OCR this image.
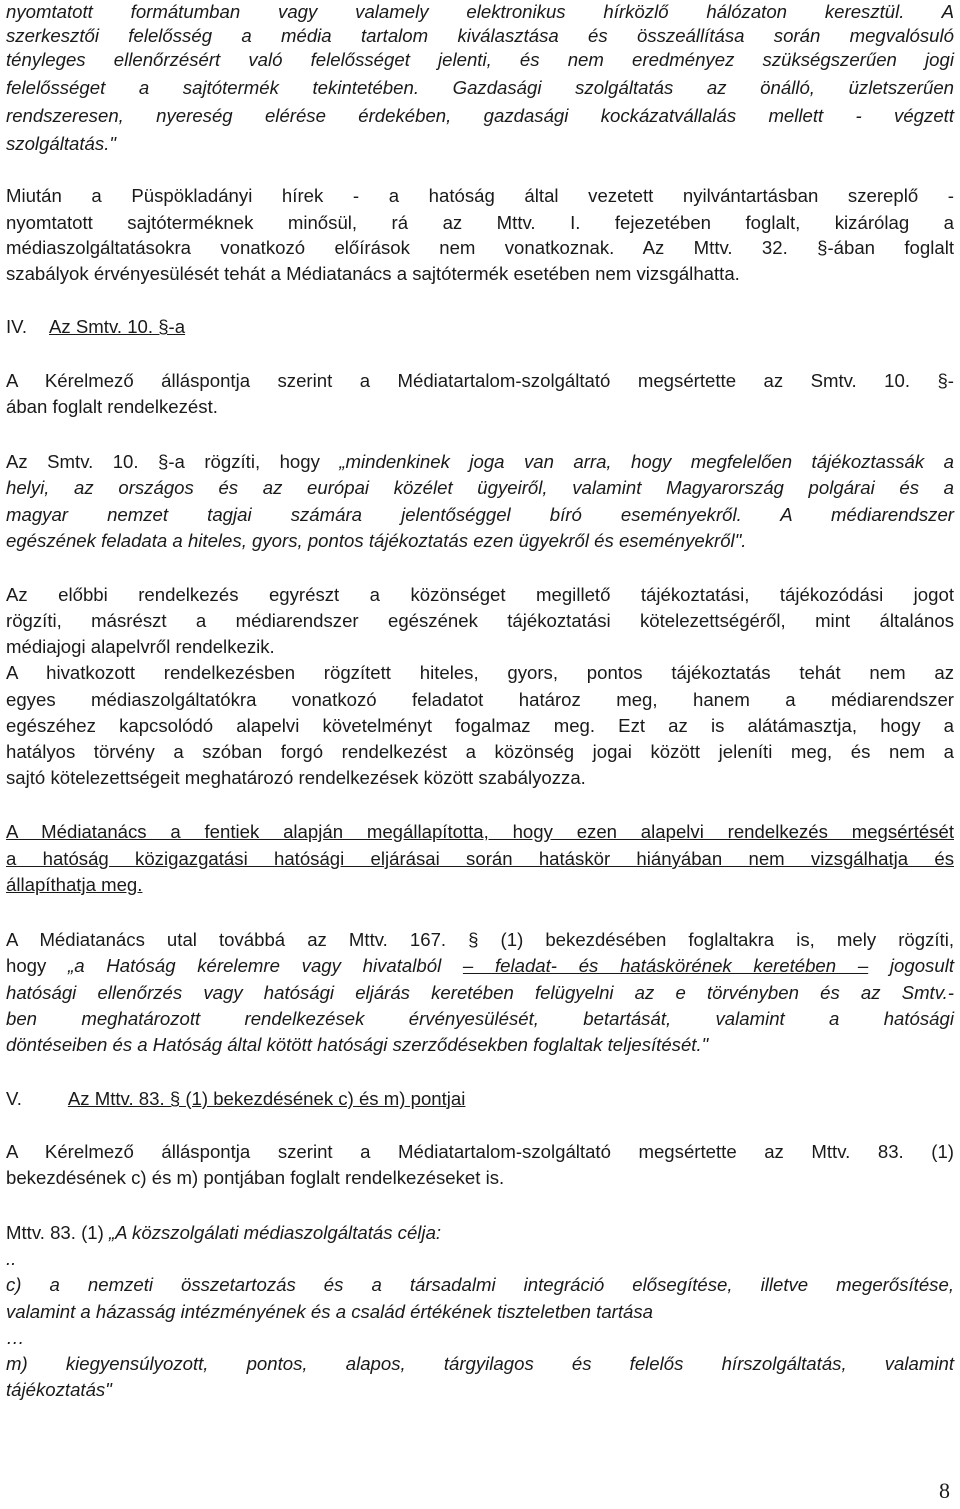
nyomtatott formátumban vagy valamely elektronikus hírközlő hálózaton keresztül. A
szerkesztői felelősség a média tartalom kiválasztása és összeállítása során megvalósuló
tényleges ellenőrzésért való felelősséget jelenti, és nem eredményez szükségszerűen jogi
felelősséget a sajtótermék tekintetében. Gazdasági szolgáltatás az önálló, üzletszerűen
rendszeresen, nyereség elérése érdekében, gazdasági kockázatvállalás mellett - végzett
szolgáltatás."
Miután a Püspökladányi hírek - a hatóság által vezetett nyilvántartásban szereplő -
nyomtatott sajtóterméknek minősül, rá az Mttv. I. fejezetében foglalt, kizárólag a
médiaszolgáltatásokra vonatkozó előírások nem vonatkoznak. Az Mttv. 32. §-ában foglalt
szabályok érvényesülését tehát a Médiatanács a sajtótermék esetében nem vizsgálhatta.
IV. Az Smtv. 10. §-a
A Kérelmező álláspontja szerint a Médiatartalom-szolgáltató megsértette az Smtv. 10. §-
ában foglalt rendelkezést.
Az Smtv. 10. §-a rögzíti, hogy „mindenkinek joga van arra, hogy megfelelően tájékoztassák a
helyi, az országos és az európai közélet ügyeiről, valamint Magyarország polgárai és a
magyar nemzet tagjai számára jelentőséggel bíró eseményekről. A médiarendszer
egészének feladata a hiteles, gyors, pontos tájékoztatás ezen ügyekről és eseményekről".
Az előbbi rendelkezés egyrészt a közönséget megillető tájékoztatási, tájékozódási jogot
rögzíti, másrészt a médiarendszer egészének tájékoztatási kötelezettségéről, mint általános
médiajogi alapelvről rendelkezik.
A hivatkozott rendelkezésben rögzített hiteles, gyors, pontos tájékoztatás tehát nem az
egyes médiaszolgáltatókra vonatkozó feladatot határoz meg, hanem a médiarendszer
egészéhez kapcsolódó alapelvi követelményt fogalmaz meg. Ezt az is alátámasztja, hogy a
hatályos törvény a szóban forgó rendelkezést a közönség jogai között jeleníti meg, és nem a
sajtó kötelezettségeit meghatározó rendelkezések között szabályozza.
A Médiatanács a fentiek alapján megállapította, hogy ezen alapelvi rendelkezés megsértését
a hatóság közigazgatási hatósági eljárásai során hatáskör hiányában nem vizsgálhatja és
állapíthatja meg.
A Médiatanács utal továbbá az Mttv. 167. § (1) bekezdésében foglaltakra is, mely rögzíti,
hogy „a Hatóság kérelemre vagy hivatalból – feladat- és hatáskörének keretében – jogosult
hatósági ellenőrzés vagy hatósági eljárás keretében felügyelni az e törvényben és az Smtv.-
ben meghatározott rendelkezések érvényesülését, betartását, valamint a hatósági
döntéseiben és a Hatóság által kötött hatósági szerződésekben foglaltak teljesítését."
V. Az Mttv. 83. § (1) bekezdésének c) és m) pontjai
A Kérelmező álláspontja szerint a Médiatartalom-szolgáltató megsértette az Mttv. 83. (1)
bekezdésének c) és m) pontjában foglalt rendelkezéseket is.
Mttv. 83. (1) „A közszolgálati médiaszolgáltatás célja:
..
c) a nemzeti összetartozás és a társadalmi integráció elősegítése, illetve megerősítése,
valamint a házasság intézményének és a család értékének tiszteletben tartása
…
m) kiegyensúlyozott, pontos, alapos, tárgyilagos és felelős hírszolgáltatás, valamint
tájékoztatás"
8
